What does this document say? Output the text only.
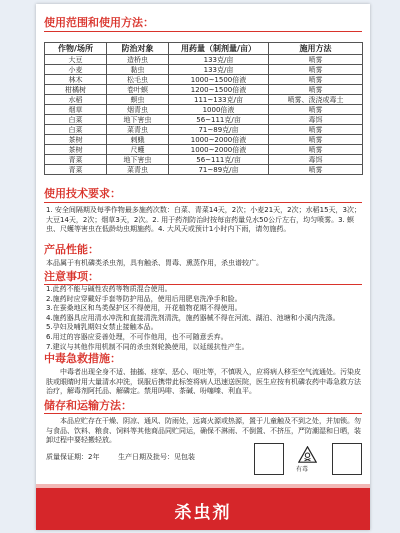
使用范围和使用方法：
作物/场所	防治对象	用药量（制剂量/亩）	施用方法
大豆	造桥虫	133克/亩	喷雾
小麦	黏虫	133克/亩	喷雾
林木	松毛虫	1000~1500倍液	喷雾
柑橘树	卷叶螟	1200~1500倍液	喷雾
水稻	螟虫	111~133克/亩	喷雾、泼浇或毒土
烟草	烟青虫	1000倍液	喷雾
白菜	地下害虫	56~111克/亩	毒饵
白菜	菜青虫	71~89克/亩	喷雾
茶树	刺蛾	1000~2000倍液	喷雾
茶树	尺蠖	1000~2000倍液	喷雾
青菜	地下害虫	56~111克/亩	毒饵
青菜	菜青虫	71~89克/亩	喷雾
使用技术要求：

1. 安全间隔期及每季作物最多施药次数：白菜、青菜14天，2次；小麦21天，2次；水稻15天，3次；大豆14天，2次；烟草3天，2次。2. 用于药剂防治时按每亩药量兑水50公斤左右，均匀喷雾。3. 螟虫、尺蠖等害虫在低龄幼虫期施药。4. 大风天或预计1小时内下雨，请勿施药。

产品性能：
本品属于有机磷类杀虫剂，具有触杀、胃毒、熏蒸作用，杀虫谱较广。
注意事项：

1.此药不能与碱性农药等物质混合使用。

2.施药时应穿戴好手套等防护用品，使用后用肥皂洗净手和脸。

3.在蚕桑地区和鸟类保护区不得使用，开花植物花期不得使用。

4.施药器具应用清水冲洗和直接清洗剂清洗，施药器械不得在河流、湖泊、池塘和小溪内洗涤。

5.孕妇及哺乳期妇女禁止接触本品。

6.用过的容器应妥善处理，不可作他用，也不可随意丢弃。

7.建议与其他作用机制不同的杀虫剂轮换使用，以延缓抗性产生。

中毒急救措施：

中毒者出现全身不适、抽搐、痉挛、恶心、呕吐等，不慎吸入，应将病人移至空气流通处。污染皮肤或眼睛时用大量清水冲洗，误服后携带此标签将病人迅速送医院，医生应按有机磷农药中毒急救方法治疗，解毒剂阿托品、解磷定。禁用吗啡、茶碱、吩噻嗪、利血平。

储存和运输方法：

本品应贮存在干燥、阴凉、通风、防雨处，远离火源或热源，置于儿童触及不到之处，并加锁。勿与食品、饮料、粮食、饲料等其他商品同贮同运，确保不淋雨、不倒置、不挤压，严防潮湿和日晒，装卸过程中要轻搬轻放。

质量保证期：2年	生产日期及批号：见包装
有毒
杀虫剂
